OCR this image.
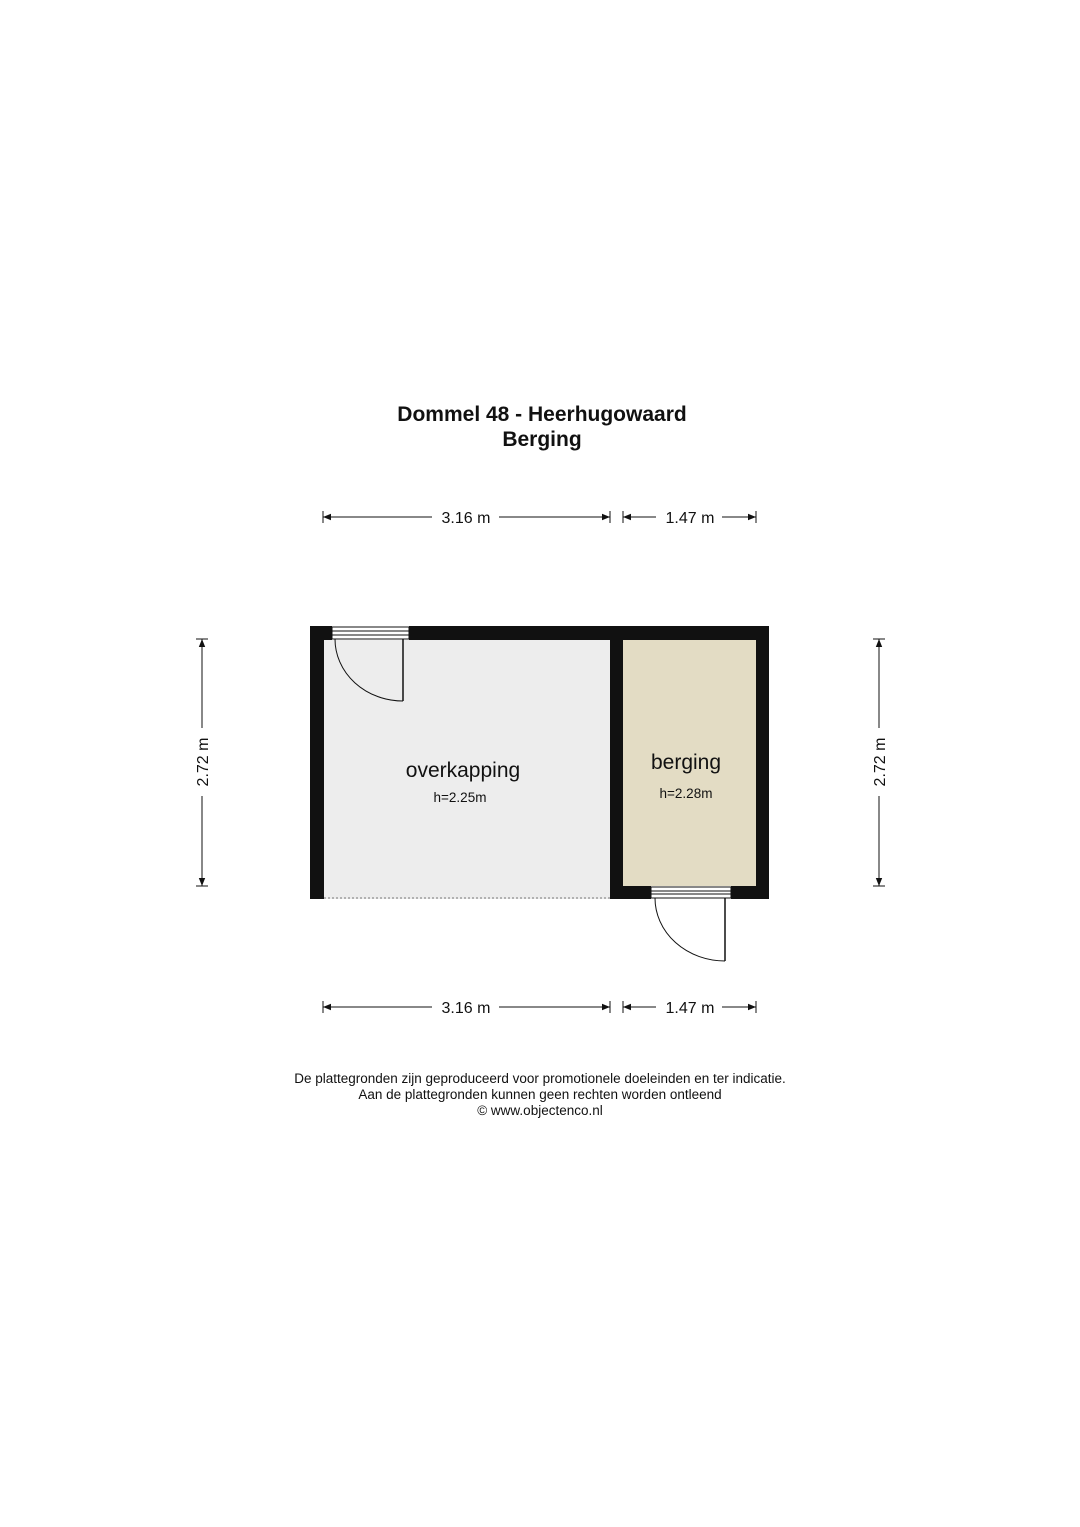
Dommel 48 - Heerhugowaard
Berging
overkapping
h=2.25m
berging
h=2.28m
3.16 m	1.47 m
3.16 m	1.47 m
2.72 m	2.72 m
De plattegronden zijn geproduceerd voor promotionele doeleinden en ter indicatie.
Aan de plattegronden kunnen geen rechten worden ontleend
© www.objectenco.nl
